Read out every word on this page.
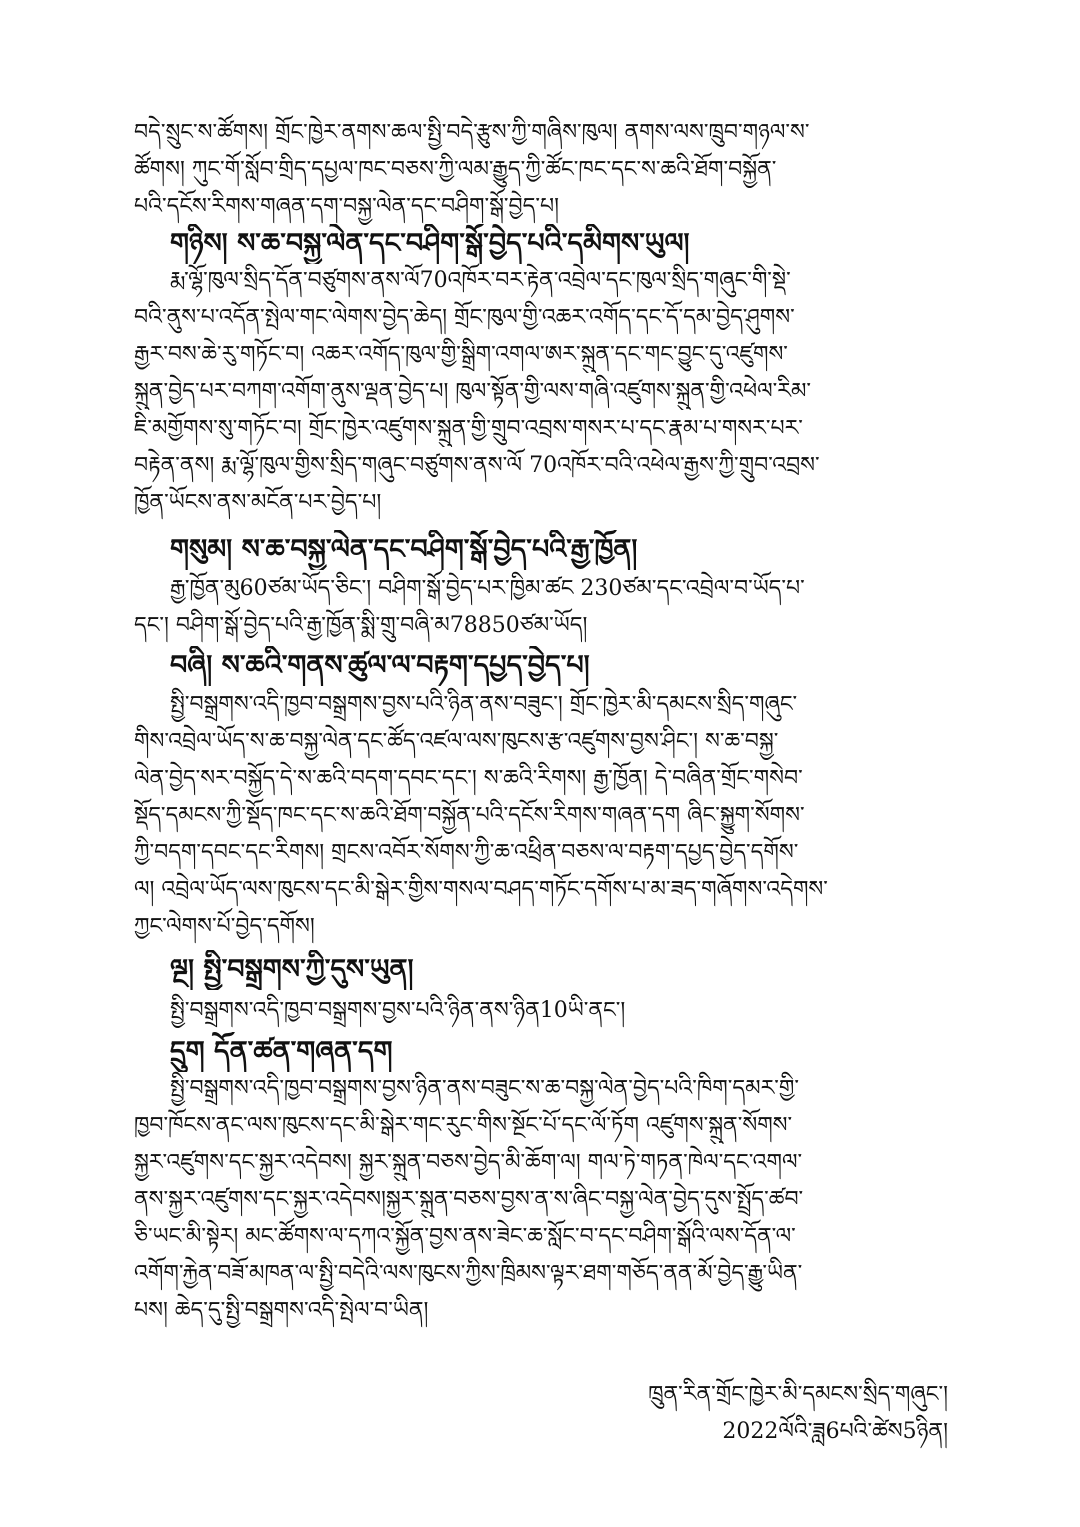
བདེ་སྲུང་ས་ཚོགས། གྲོང་ཁྱེར་ནགས་ཆལ་སྤྱི་བདེ་རྩུས་ཀྱི་གཞིས་ཁུལ། ནགས་ལས་ཁྲུབ་གཉལ་ས་

ཚོགས། ཀུང་གོ་སློབ་གྲིད་དཔྱལ་ཁང་བཅས་ཀྱི་ལམ་རྒྱུད་ཀྱི་ཚོང་ཁང་དང་ས་ཆའི་ཐོག་བསྐྱོན་

པའི་དངོས་རིགས་གཞན་དག་བསྐྱ་ལེན་དང་བཤིག་སྒོ་བྱེད་པ།

གཉིས། ས་ཆ་བསྐྱ་ལེན་དང་བཤིག་སྒོ་བྱེད་པའི་དམིགས་ཡུལ།

རྨ་ལྷོ་ཁུལ་སྲིད་དོན་བཙུགས་ནས་ལོ70འཁོར་བར་རྟེན་འབྲེལ་དང་ཁུལ་སྲིད་གཞུང་གི་སྡེ་

བའི་ནུས་པ་འདོན་སྤེལ་གང་ལེགས་བྱེད་ཆེད། གྲོང་ཁུལ་གྱི་འཆར་འགོད་དང་དོ་དམ་བྱེད་ཤུགས་

རྒྱར་བས་ཆེ་རུ་གཏོང་བ། འཆར་འགོད་ཁུལ་གྱི་སྒྲིག་འགལ་ཨར་སྐྲུན་དང་གང་བྱུང་དུ་འཛུགས་

སྐྲུན་བྱེད་པར་བཀག་འགོག་ནུས་ལྡན་བྱེད་པ། ཁུལ་སྟོན་གྱི་ལས་གཞི་འཛུགས་སྐྲུན་གྱི་འཕེལ་རིམ་

ཇི་མགྱོགས་སུ་གཏོང་བ། གྲོང་ཁྱེར་འཛུགས་སྐྲུན་གྱི་གྲུབ་འབྲས་གསར་པ་དང་རྣམ་པ་གསར་པར་

བརྟེན་ནས། རྨ་ལྷོ་ཁུལ་གྱིས་སྲིད་གཞུང་བཙུགས་ནས་ལོ 70འཁོར་བའི་འཕེལ་རྒྱས་ཀྱི་གྲུབ་འབྲས་

ཁྱོན་ཡོངས་ནས་མངོན་པར་བྱེད་པ།

གསུམ། ས་ཆ་བསྐྱ་ལེན་དང་བཤིག་སྒོ་བྱེད་པའི་རྒྱ་ཁྱོན།

རྒྱ་ཁྱོན་མུ60ཙམ་ཡོད་ཅིང་། བཤིག་སྒོ་བྱེད་པར་ཁྱིམ་ཚང 230ཙམ་དང་འབྲེལ་བ་ཡོད་པ་

དང་། བཤིག་སྒོ་བྱེད་པའི་རྒྱ་ཁྱོན་སྨི་གྲུ་བཞི་མ78850ཙམ་ཡོད།

བཞི། ས་ཆའི་གནས་ཚུལ་ལ་བརྟག་དཔྱད་བྱེད་པ།

སྤྱི་བསྒྲགས་འདི་ཁྱབ་བསྒྲགས་བྱས་པའི་ཉིན་ནས་བཟུང་། གྲོང་ཁྱེར་མི་དམངས་སྲིད་གཞུང་

གིས་འབྲེལ་ཡོད་ས་ཆ་བསྐྱ་ལེན་དང་ཚོད་འཛལ་ལས་ཁུངས་རྩ་འཛུགས་བྱས་ཤིང་། ས་ཆ་བསྐྱ་

ལེན་བྱེད་སར་བསྐྱོད་དེ་ས་ཆའི་བདག་དབང་དང་། ས་ཆའི་རིགས། རྒྱ་ཁྱོན། དེ་བཞིན་གྲོང་གསེབ་

སྡོད་དམངས་ཀྱི་སྡོད་ཁང་དང་ས་ཆའི་ཐོག་བསྐྱོན་པའི་དངོས་རིགས་གཞན་དག ཞིང་སྐྱུག་སོགས་

ཀྱི་བདག་དབང་དང་རིགས། གྲངས་འབོར་སོགས་ཀྱི་ཆ་འཕྲིན་བཅས་ལ་བརྟག་དཔྱད་བྱེད་དགོས་

ལ། འབྲེལ་ཡོད་ལས་ཁུངས་དང་མི་སྒེར་གྱིས་གསལ་བཤད་གཏོང་དགོས་པ་མ་ཟད་གཞོགས་འདེགས་

ཀྱང་ལེགས་པོ་བྱེད་དགོས།

ལྔ། སྤྱི་བསྒྲགས་ཀྱི་དུས་ཡུན།

སྤྱི་བསྒྲགས་འདི་ཁྱབ་བསྒྲགས་བྱས་པའི་ཉིན་ནས་ཉིན10ཡི་ནང་།

དྲུག དོན་ཚན་གཞན་དག

སྤྱི་བསྒྲགས་འདི་ཁྱབ་བསྒྲགས་བྱས་ཉིན་ནས་བཟུང་ས་ཆ་བསྐྱ་ལེན་བྱེད་པའི་ཁིག་དམར་གྱི་

ཁྱབ་ཁོངས་ནང་ལས་ཁུངས་དང་མི་སྒེར་གང་རུང་གིས་སྔོང་པོ་དང་ལོ་ཏོག འཛུགས་སྐྲུན་སོགས་

སྐྱར་འཛུགས་དང་སྐྱར་འདེབས། སྐྱར་སྐྲུན་བཅས་བྱེད་མི་ཆོག་ལ། གལ་ཏེ་གཏན་ཁེལ་དང་འགལ་

ནས་སྐྱར་འཛུགས་དང་སྐྱར་འདེབས།སྐྱར་སྐྲུན་བཅས་བྱས་ན་ས་ཞིང་བསྐྱ་ལེན་བྱེད་དུས་སྤྲོད་ཚབ་

ཅི་ཡང་མི་སྟེར། མང་ཚོགས་ལ་དཀའ་སྐྱོན་བྱས་ནས་ཟེང་ཆ་སློང་བ་དང་བཤིག་སྒོའི་ལས་དོན་ལ་

འགོག་རྐྱེན་བཟོ་མཁན་ལ་སྤྱི་བདེའི་ལས་ཁུངས་ཀྱིས་ཁྲིམས་ལྟར་ཐག་གཅོད་ནན་མོ་བྱེད་རྒྱུ་ཡིན་

པས། ཆེད་དུ་སྤྱི་བསྒྲགས་འདི་སྤེལ་བ་ཡིན།

ཁྲུན་རིན་གྲོང་ཁྱེར་མི་དམངས་སྲིད་གཞུང་།
2022ལོའི་ཟླ6པའི་ཚེས5ཉིན།
